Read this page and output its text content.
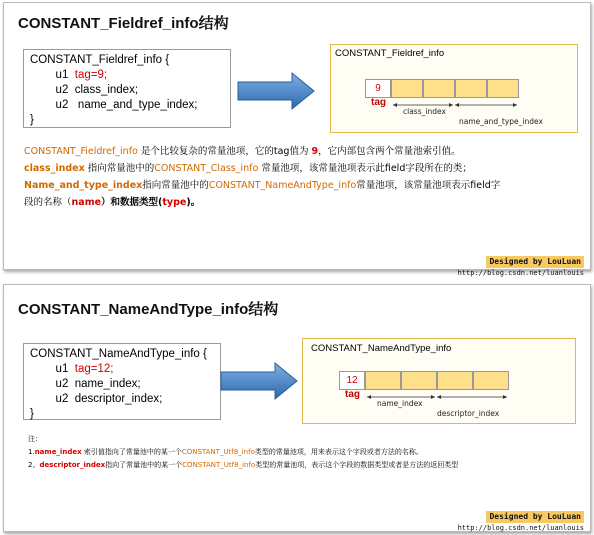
CONSTANT_Fieldref_info结构
CONSTANT_Fieldref_info {
u1  tag=9;
u2  class_index;
u2   name_and_type_index;
}
CONSTANT_Fieldref_info
9
tag
class_index
name_and_type_index
CONSTANT_Fieldref_info 是个比较复杂的常量池项，它的tag值为 9，它内部包含两个常量池索引值。
class_index 指向常量池中的CONSTANT_Class_info 常量池项，该常量池项表示此field字段所在的类；
Name_and_type_index指向常量池中的CONSTANT_NameAndType_info常量池项，该常量池项表示field字
段的名称（name）和数据类型(type)。
Designed by LouLuan
http://blog.csdn.net/luanlouis
CONSTANT_NameAndType_info结构
CONSTANT_NameAndType_info {
u1  tag=12;
u2  name_index;
u2  descriptor_index;
}
CONSTANT_NameAndType_info
12
tag
name_index
descriptor_index
注：
1.name_index 索引值指向了常量池中的某一个CONSTANT_Utf8_info类型的常量池项，用来表示这个字段或者方法的名称。
2、descriptor_index指向了常量池中的某一个CONSTANT_Utf8_info类型的常量池项，表示这个字段的数据类型或者是方法的返回类型
Designed by LouLuan
http://blog.csdn.net/luanlouis
